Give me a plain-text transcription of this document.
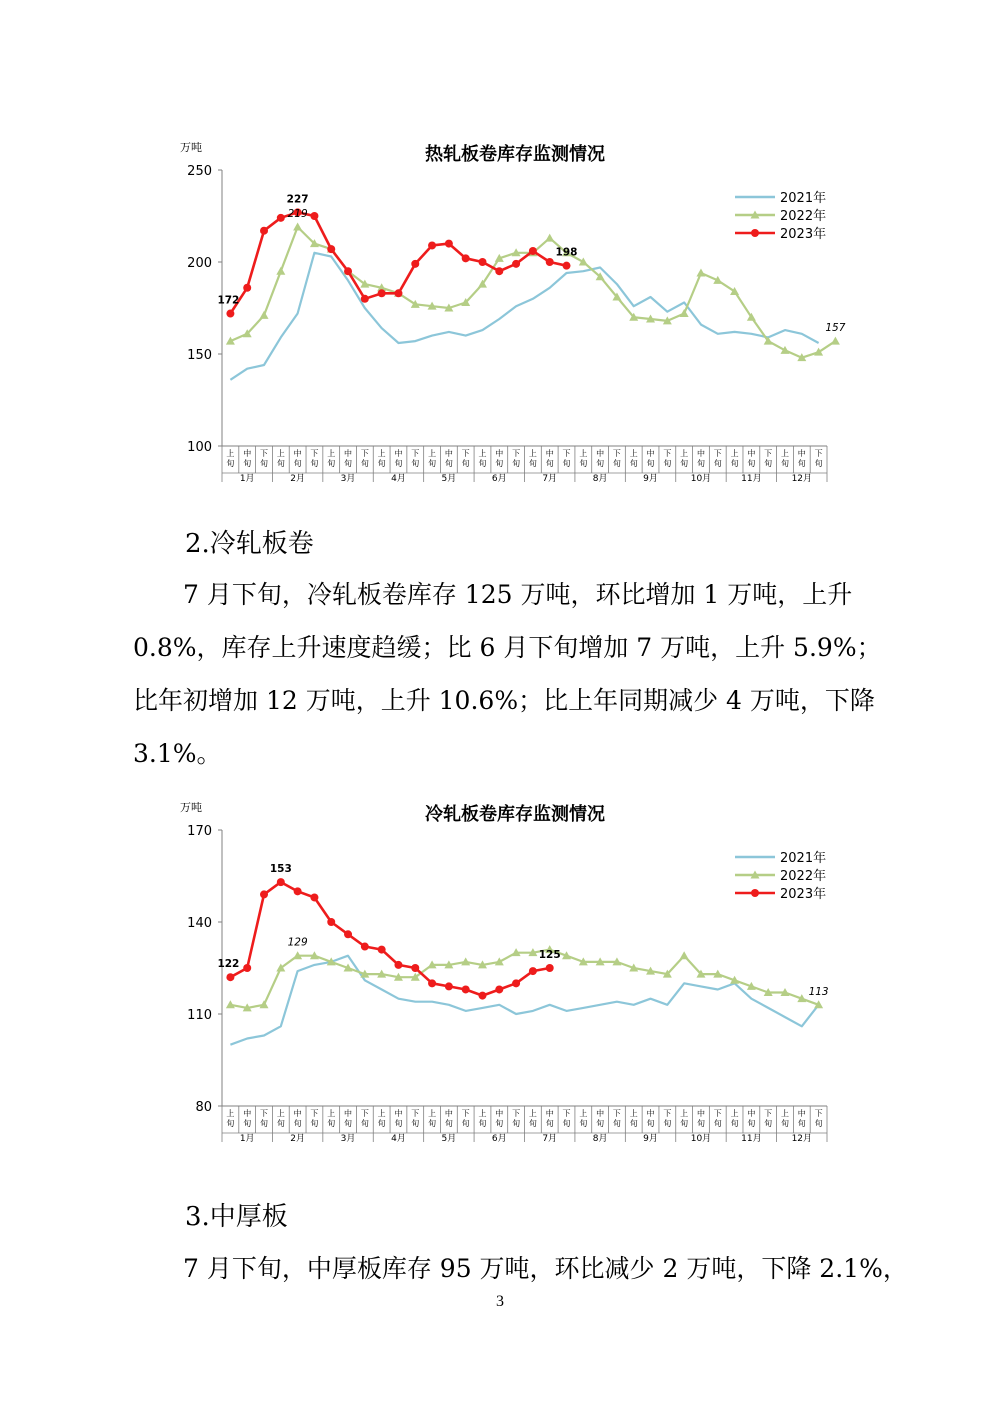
热轧板卷库存监测情况
万吨
100
150
200
250
上
旬
中
旬
下
旬
上
旬
中
旬
下
旬
上
旬
中
旬
下
旬
上
旬
中
旬
下
旬
上
旬
中
旬
下
旬
上
旬
中
旬
下
旬
上
旬
中
旬
下
旬
上
旬
中
旬
下
旬
上
旬
中
旬
下
旬
上
旬
中
旬
下
旬
上
旬
中
旬
下
旬
上
旬
中
旬
下
旬
1月	2月	3月	4月	5月	6月	7月	8月	9月	10月	11月	12月
172
227
219
198
157
2021年
2022年
2023年
2.冷轧板卷
7 月下旬，冷轧板卷库存 125 万吨，环比增加 1 万吨，上升
0.8%，库存上升速度趋缓；比 6 月下旬增加 7 万吨，上升 5.9%；
比年初增加 12 万吨，上升 10.6%；比上年同期减少 4 万吨，下降
3.1%。
冷轧板卷库存监测情况
万吨
80
110
140
170
上
旬
中
旬
下
旬
上
旬
中
旬
下
旬
上
旬
中
旬
下
旬
上
旬
中
旬
下
旬
上
旬
中
旬
下
旬
上
旬
中
旬
下
旬
上
旬
中
旬
下
旬
上
旬
中
旬
下
旬
上
旬
中
旬
下
旬
上
旬
中
旬
下
旬
上
旬
中
旬
下
旬
上
旬
中
旬
下
旬
1月	2月	3月	4月	5月	6月	7月	8月	9月	10月	11月	12月
122
153
129
125
113
2021年
2022年
2023年
3.中厚板
7 月下旬，中厚板库存 95 万吨，环比减少 2 万吨，下降 2.1%，
3
